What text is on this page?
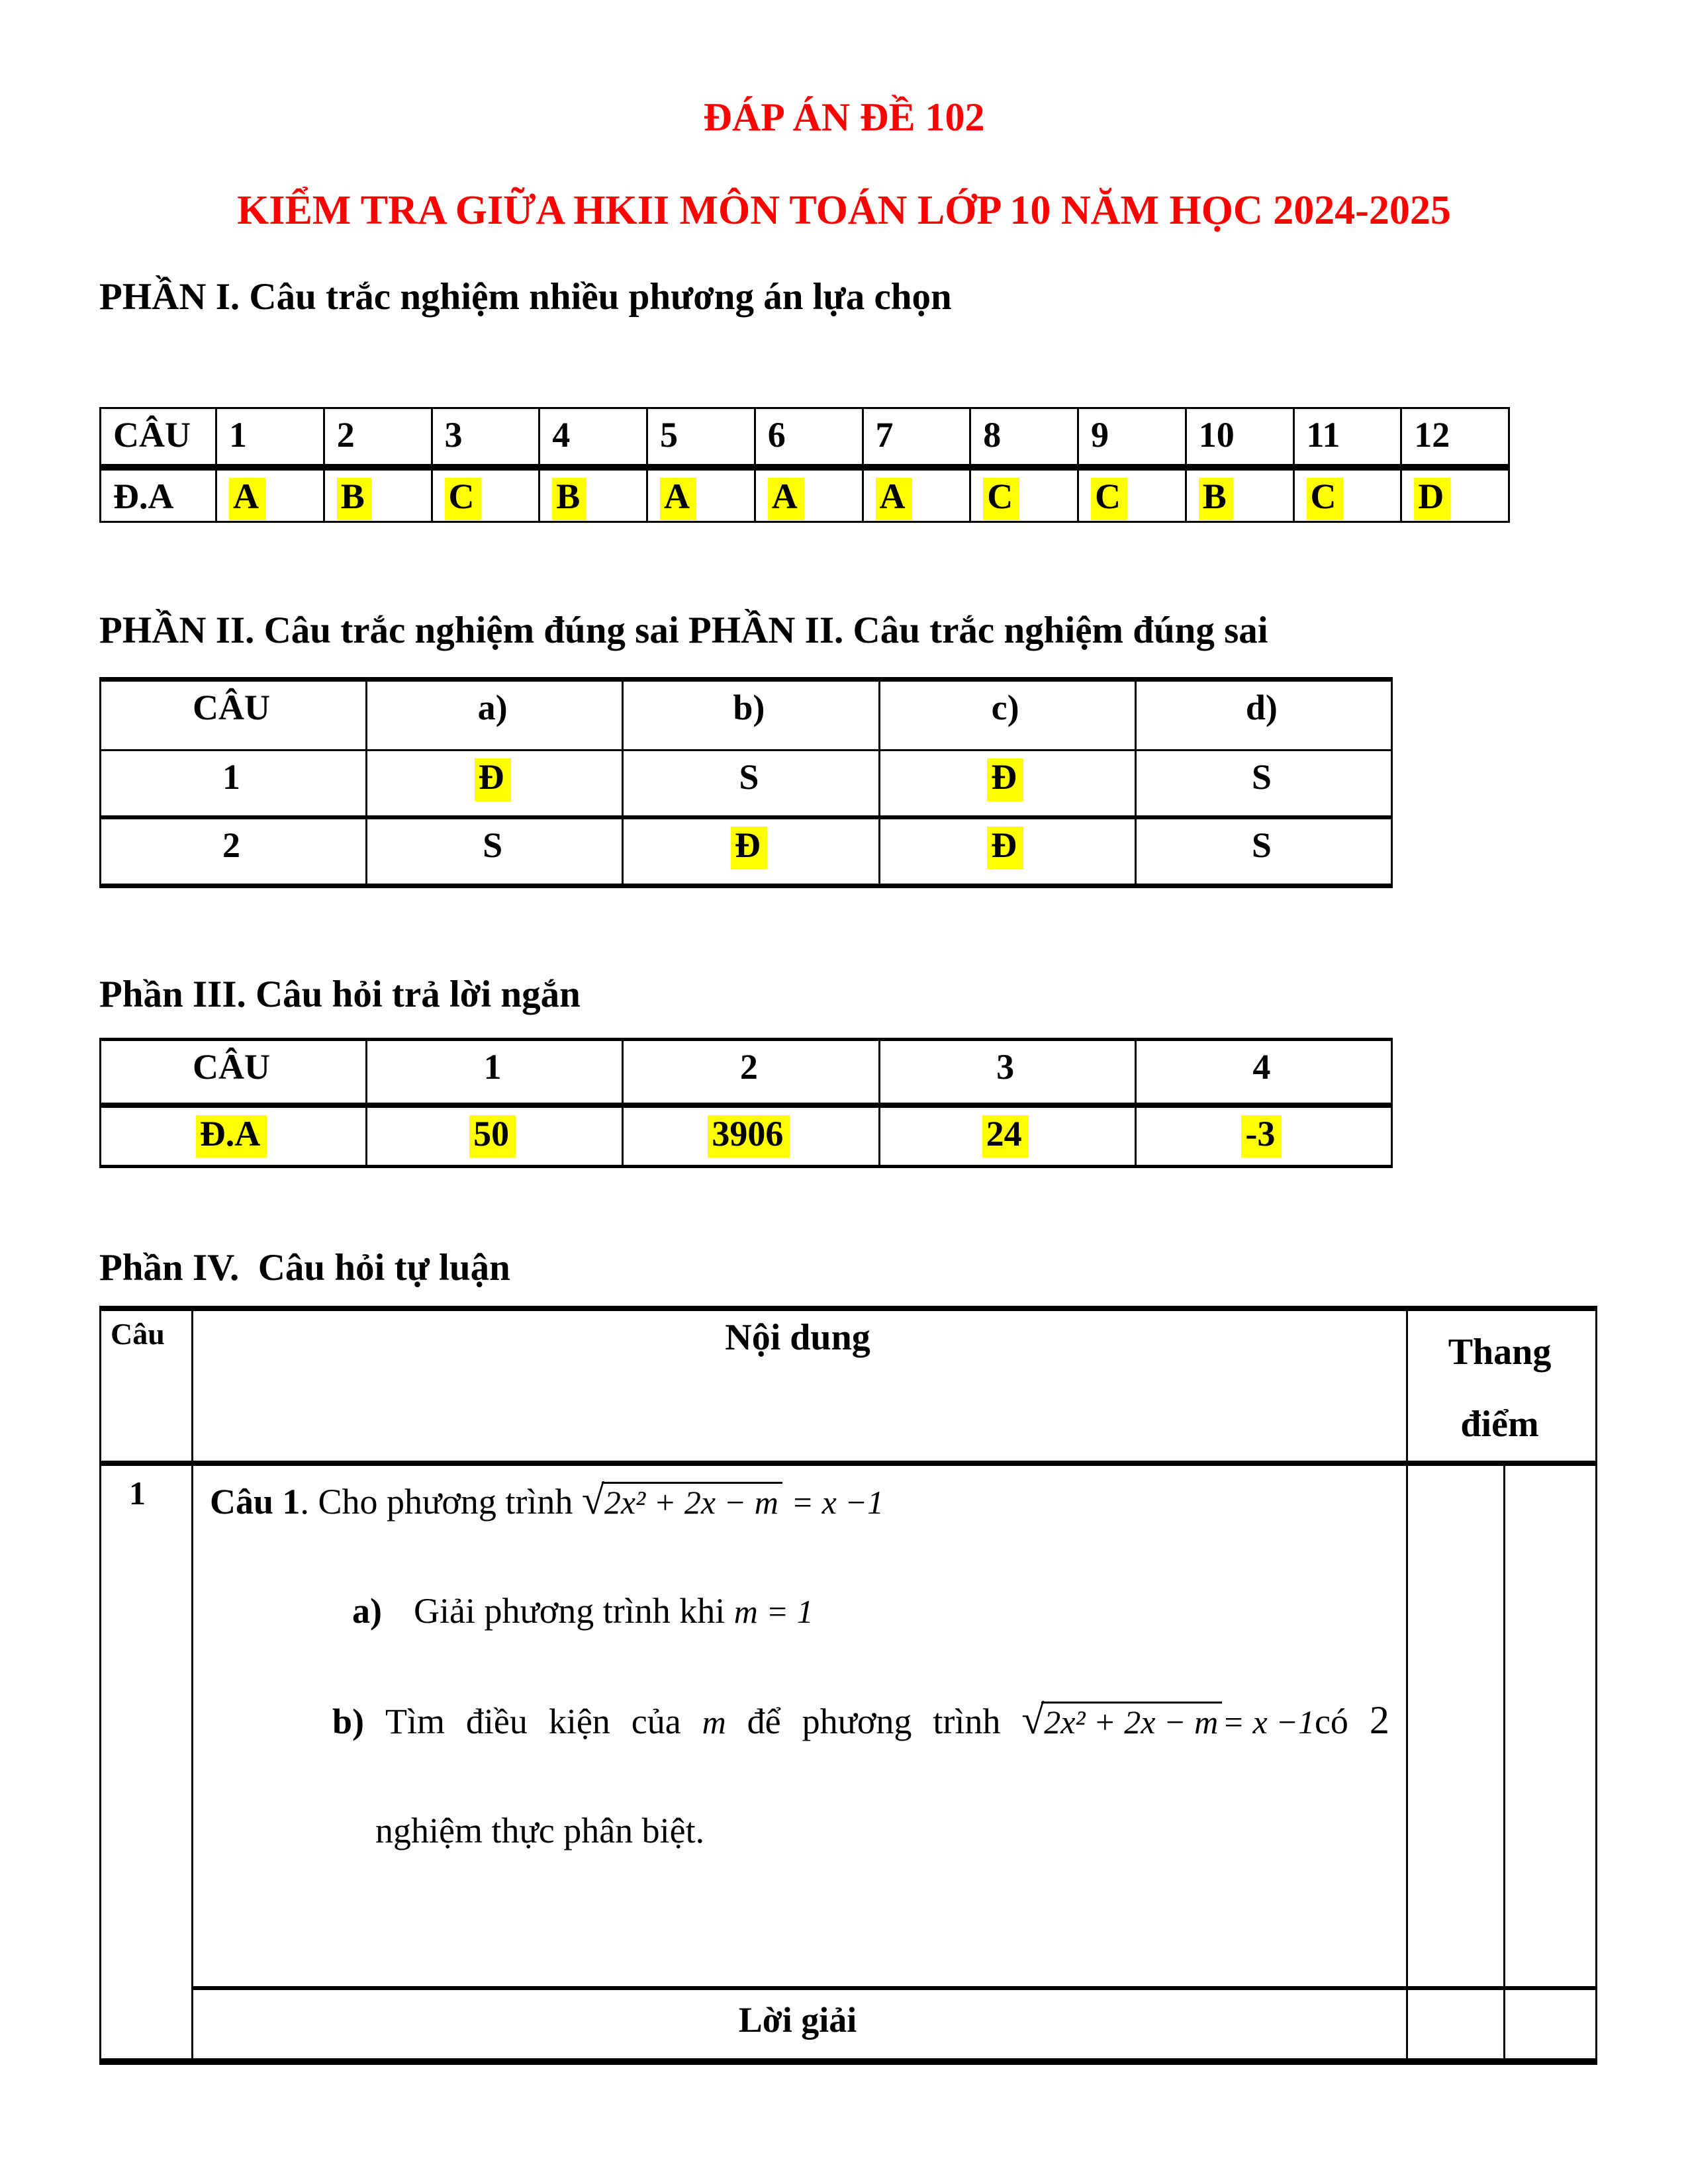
ĐÁP ÁN ĐỀ 102
KIỂM TRA GIỮA HKII MÔN TOÁN LỚP 10 NĂM HỌC 2024-2025
PHẦN I. Câu trắc nghiệm nhiều phương án lựa chọn
CÂU	1	2	3	4	5	6	7	8	9	10	11	12
Đ.A	A	B	C	B	A	A	A	C	C	B	C	D
PHẦN II. Câu trắc nghiệm đúng sai PHẦN II. Câu trắc nghiệm đúng sai
CÂU	a)	b)	c)	d)
1	Đ	S	Đ	S
2	S	Đ	Đ	S
Phần III. Câu hỏi trả lời ngắn
CÂU	1	2	3	4
Đ.A	50	3906	24	-3
Phần IV.  Câu hỏi tự luận
Câu	Nội dung	Thang
điểm	

1	Câu 1. Cho phương trình √2x² + 2x − m = x −1
a) Giải phương trình khi m = 1
b) Tìm điều kiện của m để phương trình √2x² + 2x − m = x −1có 2
nghiệm thực phân biệt.

	Lời giải		
